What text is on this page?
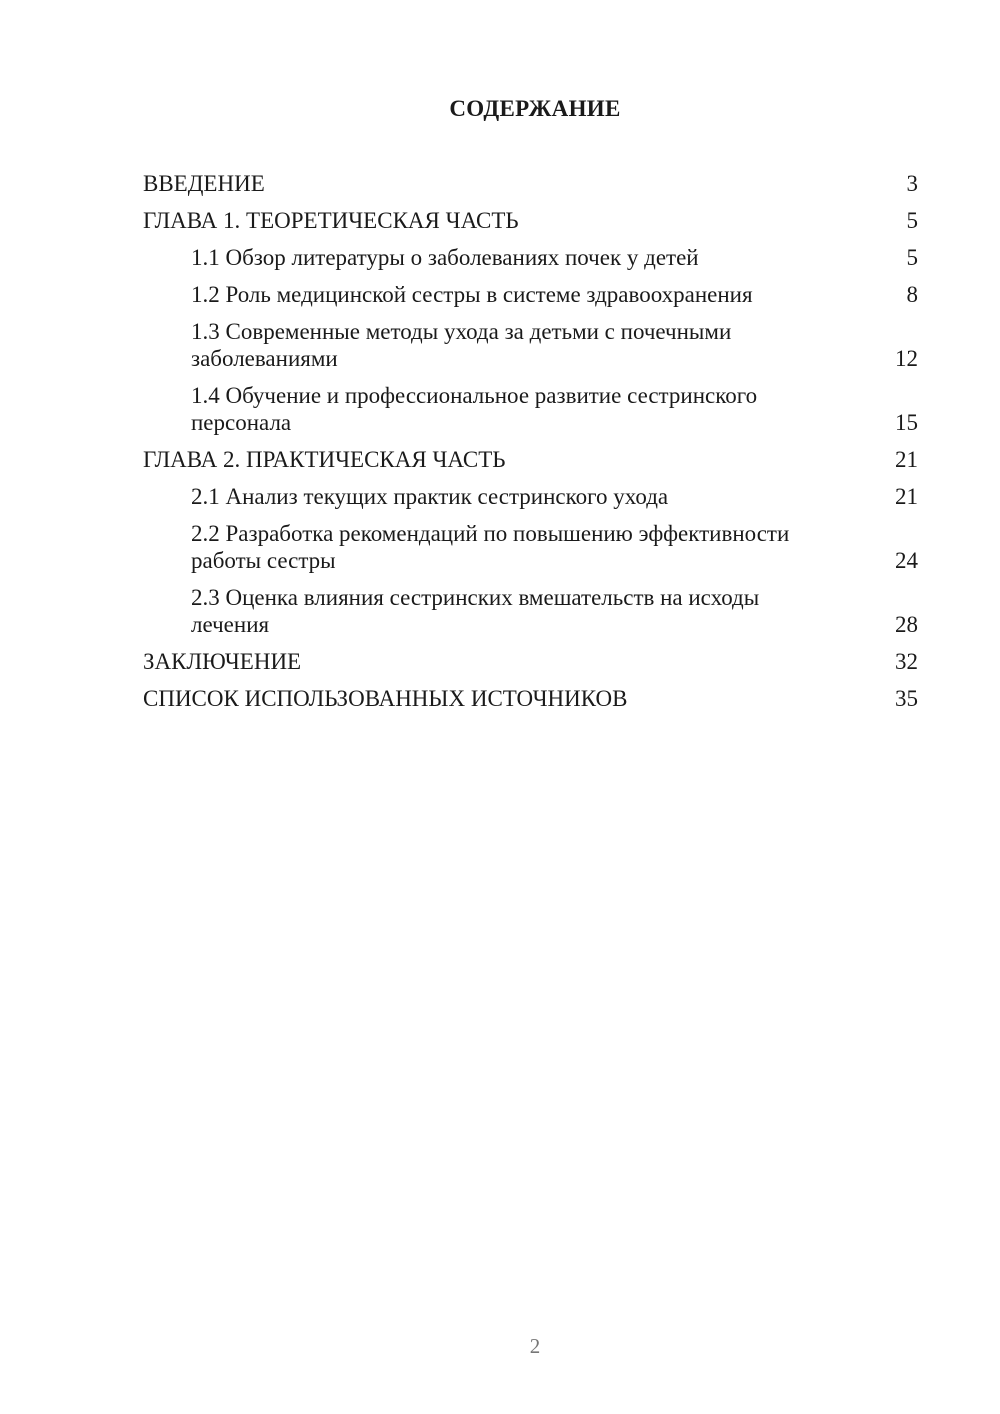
СОДЕРЖАНИЕ
ВВЕДЕНИЕ	3
ГЛАВА 1. ТЕОРЕТИЧЕСКАЯ ЧАСТЬ	5
1.1 Обзор литературы о заболеваниях почек у детей	5
1.2 Роль медицинской сестры в системе здравоохранения	8
1.3 Современные методы ухода за детьми с почечными заболеваниями	12
1.4 Обучение и профессиональное развитие сестринского персонала	15
ГЛАВА 2. ПРАКТИЧЕСКАЯ ЧАСТЬ	21
2.1 Анализ текущих практик сестринского ухода	21
2.2 Разработка рекомендаций по повышению эффективности работы сестры	24
2.3 Оценка влияния сестринских вмешательств на исходы лечения	28
ЗАКЛЮЧЕНИЕ	32
СПИСОК ИСПОЛЬЗОВАННЫХ ИСТОЧНИКОВ	35
2
